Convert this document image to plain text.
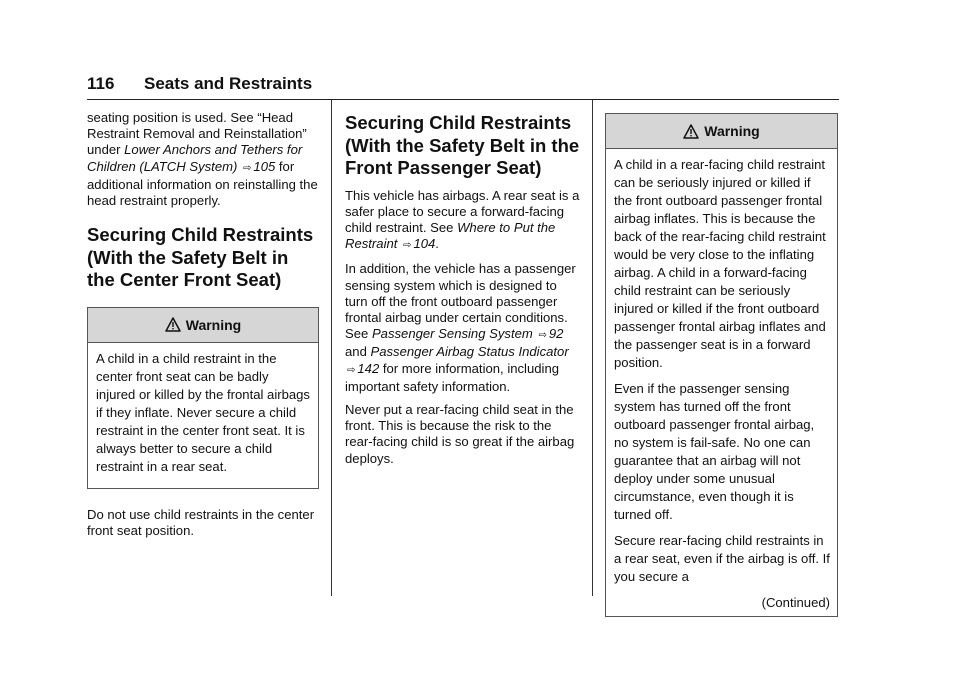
116 Seats and Restraints

seating position is used. See “Head Restraint Removal and Reinstallation” under Lower Anchors and Tethers for Children (LATCH System) ⇨ 105 for additional information on reinstalling the head restraint properly.

Securing Child Restraints (With the Safety Belt in the Center Front Seat)
Warning

A child in a child restraint in the center front seat can be badly injured or killed by the frontal airbags if they inflate. Never secure a child restraint in the center front seat. It is always better to secure a child restraint in a rear seat.

Do not use child restraints in the center front seat position.

Securing Child Restraints (With the Safety Belt in the Front Passenger Seat)

This vehicle has airbags. A rear seat is a safer place to secure a forward-facing child restraint. See Where to Put the Restraint ⇨ 104.

In addition, the vehicle has a passenger sensing system which is designed to turn off the front outboard passenger frontal airbag under certain conditions. See Passenger Sensing System ⇨ 92 and Passenger Airbag Status Indicator ⇨ 142 for more information, including important safety information.

Never put a rear-facing child seat in the front. This is because the risk to the rear-facing child is so great if the airbag deploys.

Warning

A child in a rear-facing child restraint can be seriously injured or killed if the front outboard passenger frontal airbag inflates. This is because the back of the rear-facing child restraint would be very close to the inflating airbag. A child in a forward-facing child restraint can be seriously injured or killed if the front outboard passenger frontal airbag inflates and the passenger seat is in a forward position.

Even if the passenger sensing system has turned off the front outboard passenger frontal airbag, no system is fail-safe. No one can guarantee that an airbag will not deploy under some unusual circumstance, even though it is turned off.

Secure rear-facing child restraints in a rear seat, even if the airbag is off. If you secure a

(Continued)
